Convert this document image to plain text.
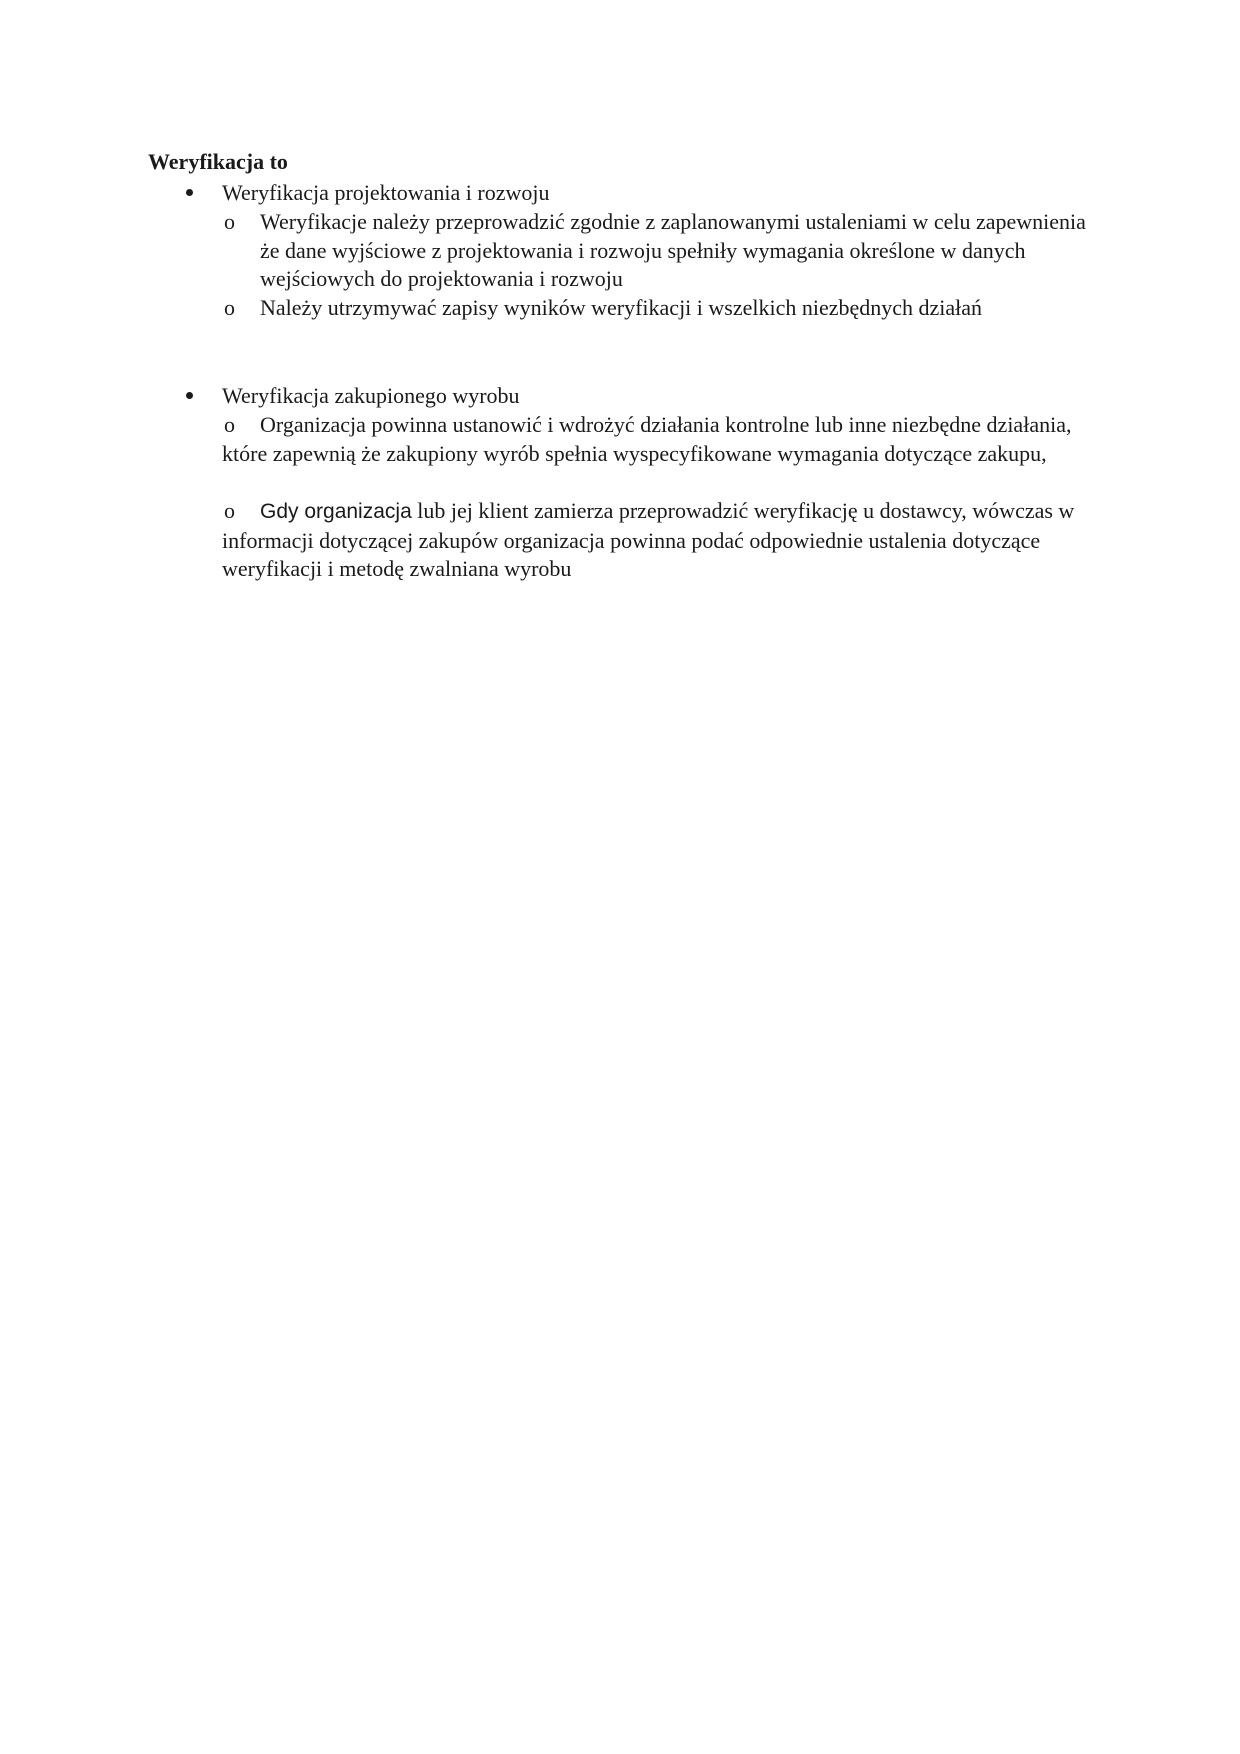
Weryfikacja to
Weryfikacja projektowania i rozwoju
o Weryfikacje należy przeprowadzić zgodnie z zaplanowanymi ustaleniami w celu zapewnienia że dane wyjściowe z projektowania i rozwoju spełniły wymagania określone w danych wejściowych do projektowania i rozwoju
o Należy utrzymywać zapisy wyników weryfikacji i wszelkich niezbędnych działań
Weryfikacja zakupionego wyrobu

o Organizacja powinna ustanowić i wdrożyć działania kontrolne lub inne niezbędne działania, które zapewnią że zakupiony wyrób spełnia wyspecyfikowane wymagania dotyczące zakupu,

o Gdy organizacja lub jej klient zamierza przeprowadzić weryfikację u dostawcy, wówczas w informacji dotyczącej zakupów organizacja powinna podać odpowiednie ustalenia dotyczące weryfikacji i metodę zwalniana wyrobu
